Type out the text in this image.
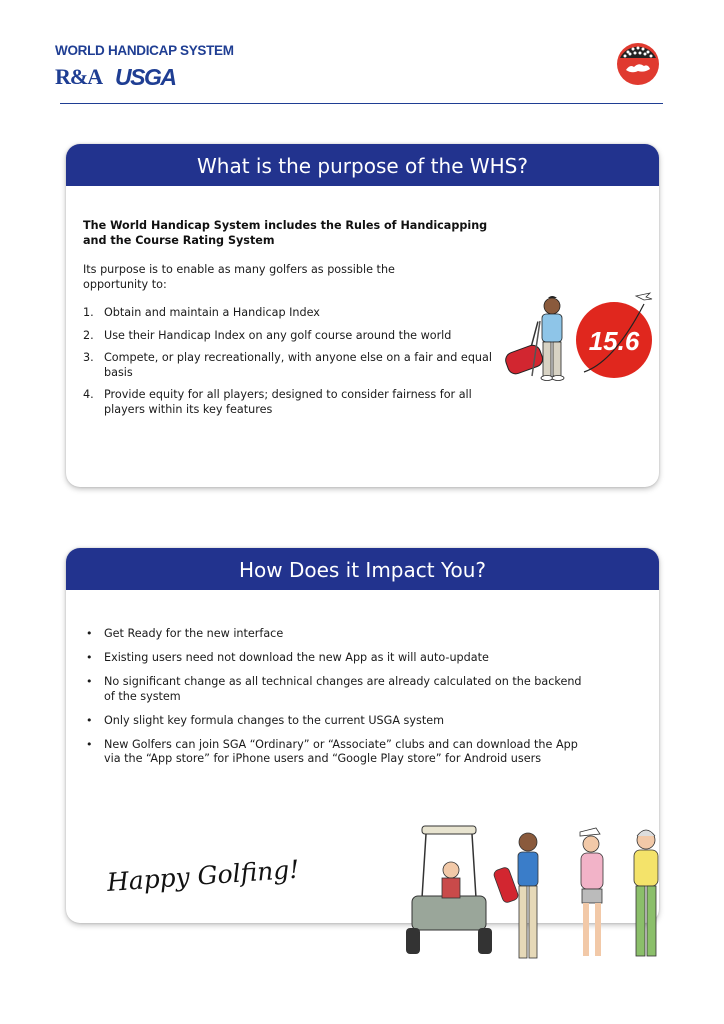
WORLD HANDICAP SYSTEM
R&A USGA
What is the purpose of the WHS?
The World Handicap System includes the Rules of Handicapping and the Course Rating System
Its purpose is to enable as many golfers as possible the opportunity to:
1. Obtain and maintain a Handicap Index
2. Use their Handicap Index on any golf course around the world
3. Compete, or play recreationally, with anyone else on a fair and equal basis
4. Provide equity for all players; designed to consider fairness for all players within its key features
15.6
How Does it Impact You?
• Get Ready for the new interface
• Existing users need not download the new App as it will auto-update
• No significant change as all technical changes are already calculated on the backend of the system
• Only slight key formula changes to the current USGA system
• New Golfers can join SGA “Ordinary” or “Associate” clubs and can download the App via the “App store” for iPhone users and “Google Play store” for Android users
Happy Golfing!
